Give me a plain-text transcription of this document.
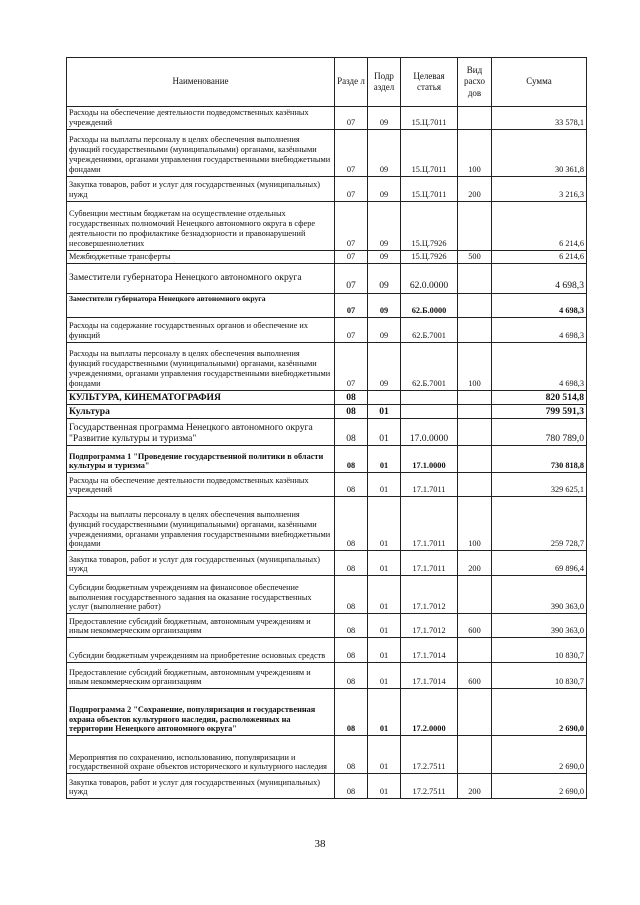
Наименование	Разде л	Подр аздел	Целевая статья	Вид расхо дов	Сумма
Расходы на обеспечение деятельности подведомственных казённых учреждений	07	09	15.Ц.7011		33 578,1
Расходы на выплаты персоналу в целях обеспечения выполнения функций государственными (муниципальными) органами, казёнными учреждениями, органами управления государственными внебюджетными фондами	07	09	15.Ц.7011	100	30 361,8
Закупка товаров, работ и услуг для государственных (муниципальных) нужд	07	09	15.Ц.7011	200	3 216,3
Субвенции местным бюджетам на осуществление отдельных государственных полномочий Ненецкого автономного округа в сфере деятельности по профилактике безнадзорности и правонарушений несовершеннолетних	07	09	15.Ц.7926		6 214,6
Межбюджетные трансферты	07	09	15.Ц.7926	500	6 214,6
Заместители губернатора Ненецкого автономного округа	07	09	62.0.0000		4 698,3
Заместители губернатора Ненецкого автономного округа	07	09	62.Б.0000		4 698,3
Расходы на содержание государственных органов и обеспечение их функций	07	09	62.Б.7001		4 698,3
Расходы на выплаты персоналу в целях обеспечения выполнения функций государственными (муниципальными) органами, казёнными учреждениями, органами управления государственными внебюджетными фондами	07	09	62.Б.7001	100	4 698,3
КУЛЬТУРА, КИНЕМАТОГРАФИЯ	08				820 514,8
Культура	08	01			799 591,3
Государственная программа Ненецкого автономного округа "Развитие культуры и туризма"	08	01	17.0.0000		780 789,0
Подпрограмма 1 "Проведение государственной политики в области культуры и туризма"	08	01	17.1.0000		730 818,8
Расходы на обеспечение деятельности подведомственных казённых учреждений	08	01	17.1.7011		329 625,1
Расходы на выплаты персоналу в целях обеспечения выполнения функций государственными (муниципальными) органами, казёнными учреждениями, органами управления государственными внебюджетными фондами	08	01	17.1.7011	100	259 728,7
Закупка товаров, работ и услуг для государственных (муниципальных) нужд	08	01	17.1.7011	200	69 896,4
Субсидии бюджетным учреждениям на финансовое обеспечение выполнения государственного задания на оказание государственных услуг (выполнение работ)	08	01	17.1.7012		390 363,0
Предоставление субсидий бюджетным, автономным учреждениям и иным некоммерческим организациям	08	01	17.1.7012	600	390 363,0
Субсидии бюджетным учреждениям на приобретение основных средств	08	01	17.1.7014		10 830,7
Предоставление субсидий бюджетным, автономным учреждениям и иным некоммерческим организациям	08	01	17.1.7014	600	10 830,7
Подпрограмма 2 "Сохранение, популяризация и государственная охрана объектов культурного наследия, расположенных на территории Ненецкого автономного округа"	08	01	17.2.0000		2 690,0
Мероприятия по сохранению, использованию, популяризации и государственной охране объектов исторического и культурного наследия	08	01	17.2.7511		2 690,0
Закупка товаров, работ и услуг для государственных (муниципальных) нужд	08	01	17.2.7511	200	2 690,0
38
